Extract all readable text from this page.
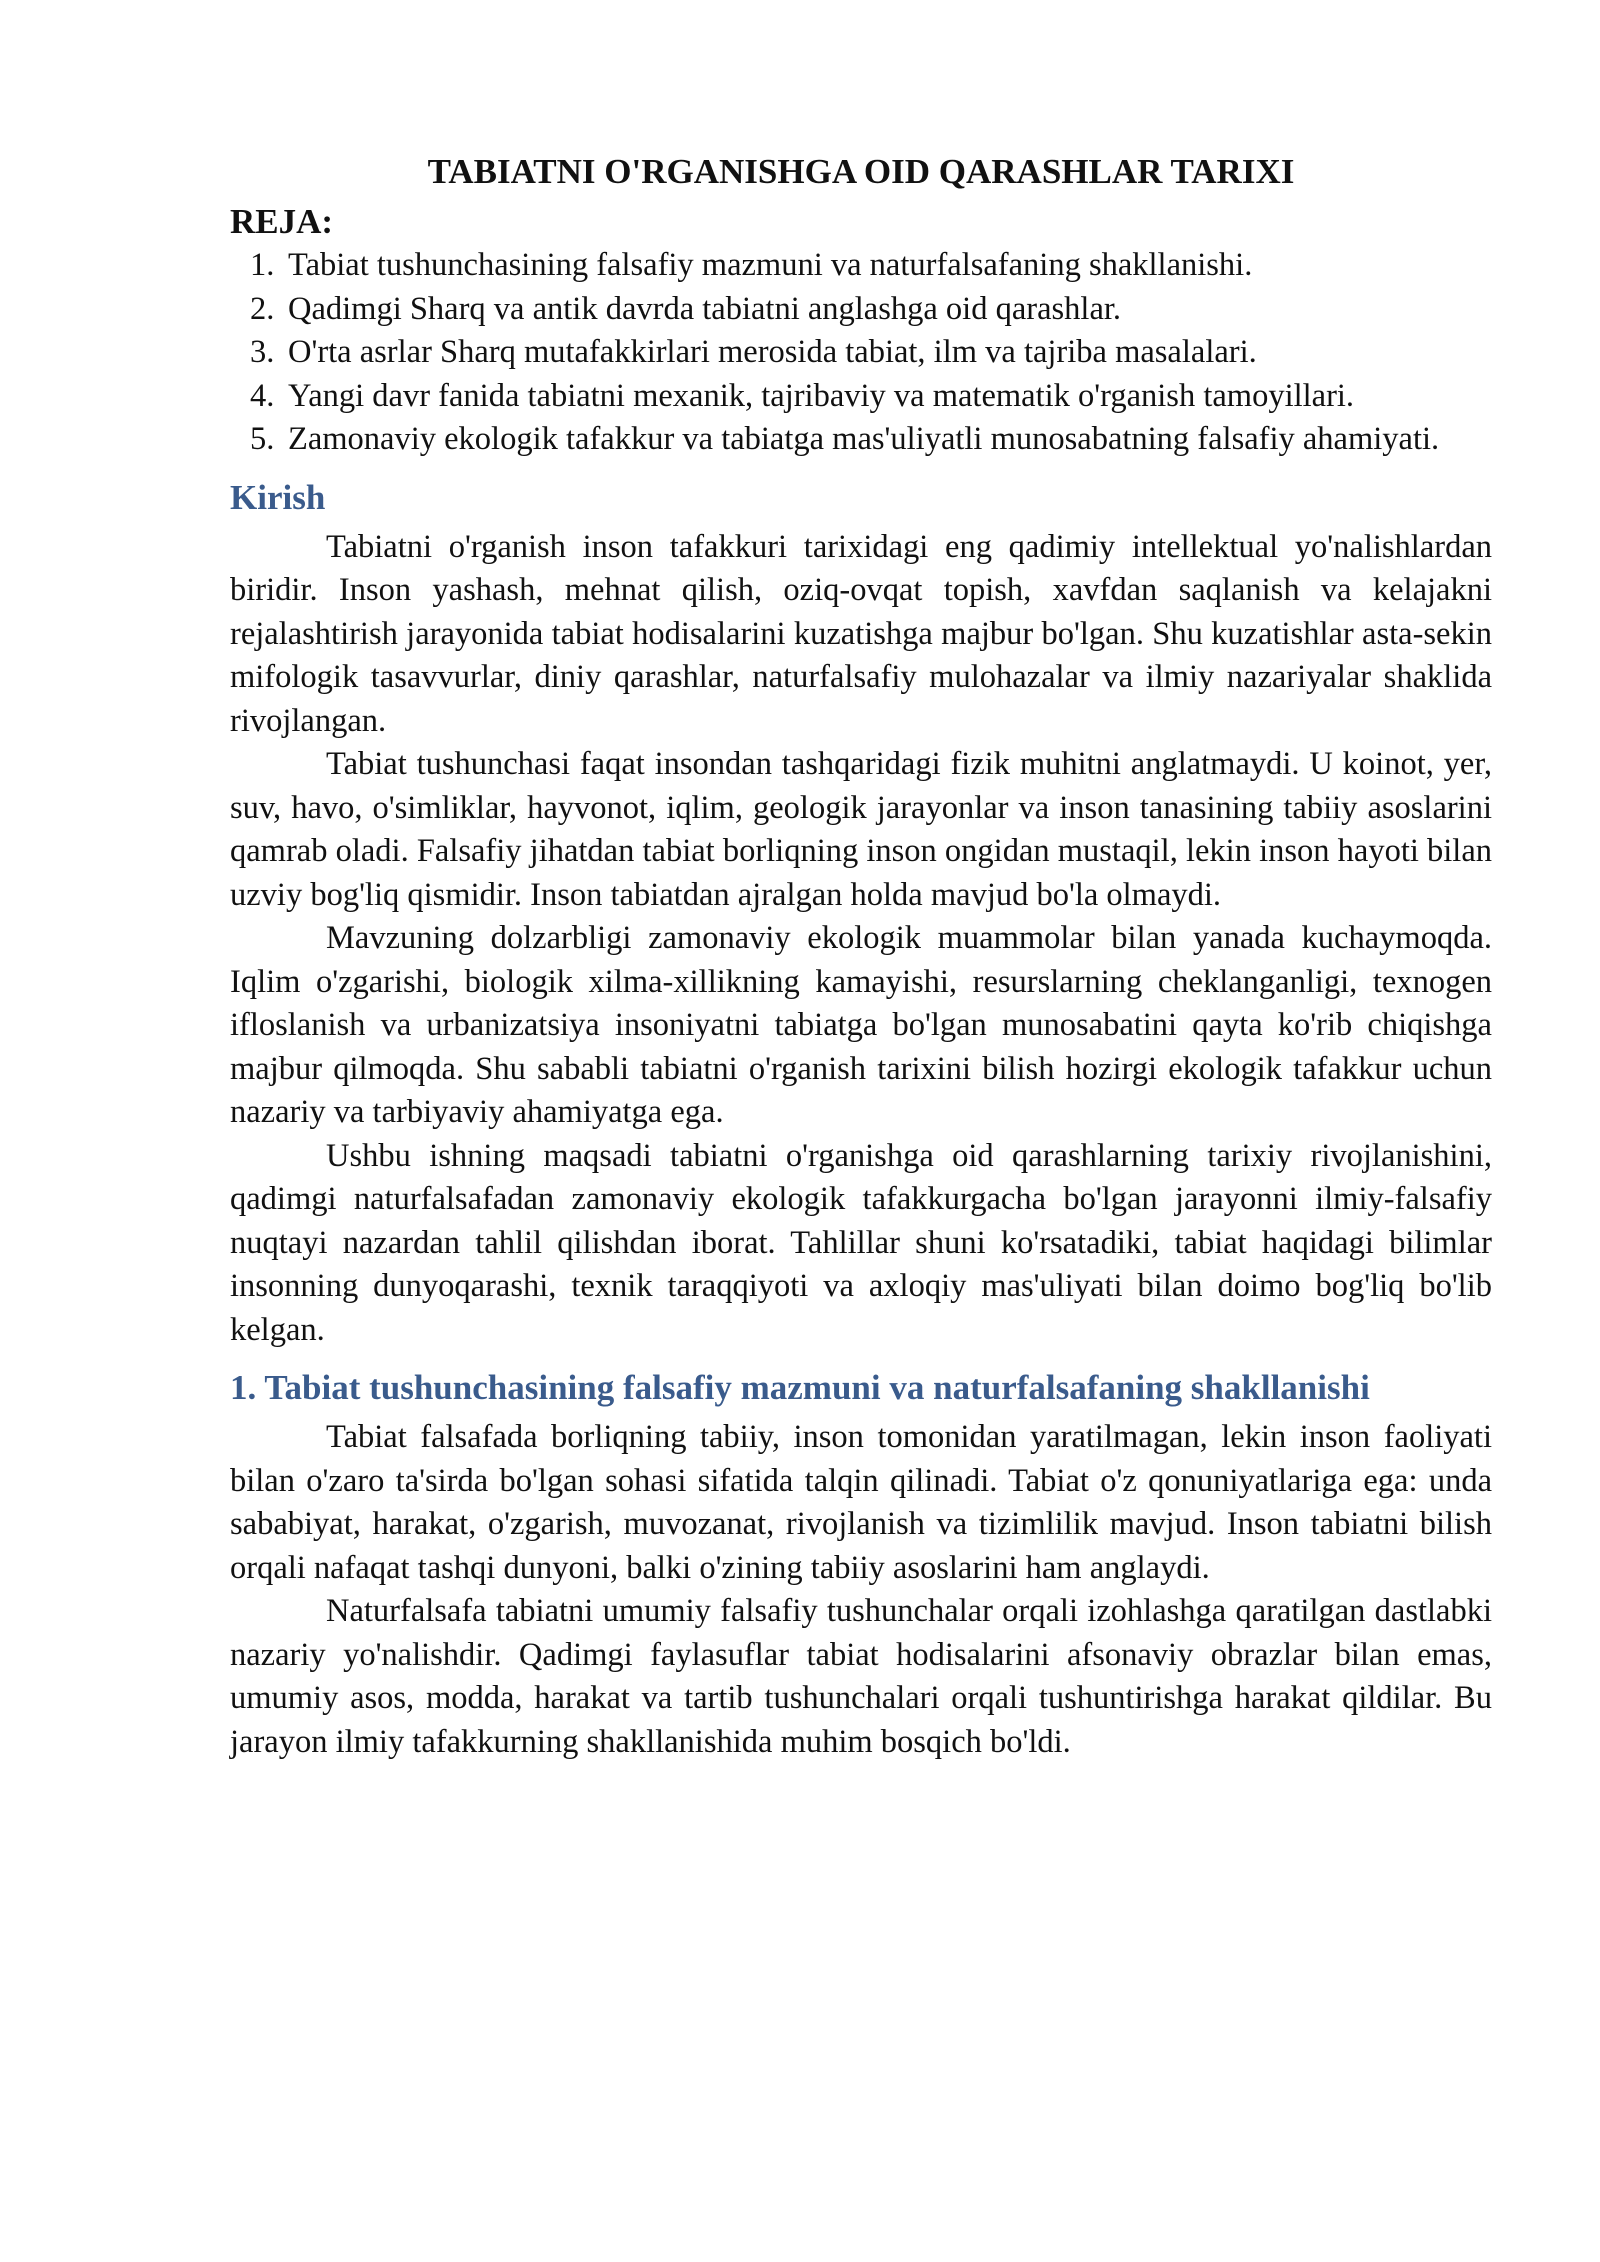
TABIATNI O'RGANISHGA OID QARASHLAR TARIXI
REJA:
1. Tabiat tushunchasining falsafiy mazmuni va naturfalsafaning shakllanishi.
2. Qadimgi Sharq va antik davrda tabiatni anglashga oid qarashlar.
3. O'rta asrlar Sharq mutafakkirlari merosida tabiat, ilm va tajriba masalalari.
4. Yangi davr fanida tabiatni mexanik, tajribaviy va matematik o'rganish tamoyillari.
5. Zamonaviy ekologik tafakkur va tabiatga mas'uliyatli munosabatning falsafiy ahamiyati.
Kirish

Tabiatni o'rganish inson tafakkuri tarixidagi eng qadimiy intellektual yo'nalishlardan biridir. Inson yashash, mehnat qilish, oziq-ovqat topish, xavfdan saqlanish va kelajakni rejalashtirish jarayonida tabiat hodisalarini kuzatishga majbur bo'lgan. Shu kuzatishlar asta-sekin mifologik tasavvurlar, diniy qarashlar, naturfalsafiy mulohazalar va ilmiy nazariyalar shaklida rivojlangan.

Tabiat tushunchasi faqat insondan tashqaridagi fizik muhitni anglatmaydi. U koinot, yer, suv, havo, o'simliklar, hayvonot, iqlim, geologik jarayonlar va inson tanasining tabiiy asoslarini qamrab oladi. Falsafiy jihatdan tabiat borliqning inson ongidan mustaqil, lekin inson hayoti bilan uzviy bog'liq qismidir. Inson tabiatdan ajralgan holda mavjud bo'la olmaydi.

Mavzuning dolzarbligi zamonaviy ekologik muammolar bilan yanada kuchaymoqda. Iqlim o'zgarishi, biologik xilma-xillikning kamayishi, resurslarning cheklanganligi, texnogen ifloslanish va urbanizatsiya insoniyatni tabiatga bo'lgan munosabatini qayta ko'rib chiqishga majbur qilmoqda. Shu sababli tabiatni o'rganish tarixini bilish hozirgi ekologik tafakkur uchun nazariy va tarbiyaviy ahamiyatga ega.

Ushbu ishning maqsadi tabiatni o'rganishga oid qarashlarning tarixiy rivojlanishini, qadimgi naturfalsafadan zamonaviy ekologik tafakkurgacha bo'lgan jarayonni ilmiy-falsafiy nuqtayi nazardan tahlil qilishdan iborat. Tahlillar shuni ko'rsatadiki, tabiat haqidagi bilimlar insonning dunyoqarashi, texnik taraqqiyoti va axloqiy mas'uliyati bilan doimo bog'liq bo'lib kelgan.

1. Tabiat tushunchasining falsafiy mazmuni va naturfalsafaning shakllanishi

Tabiat falsafada borliqning tabiiy, inson tomonidan yaratilmagan, lekin inson faoliyati bilan o'zaro ta'sirda bo'lgan sohasi sifatida talqin qilinadi. Tabiat o'z qonuniyatlariga ega: unda sababiyat, harakat, o'zgarish, muvozanat, rivojlanish va tizimlilik mavjud. Inson tabiatni bilish orqali nafaqat tashqi dunyoni, balki o'zining tabiiy asoslarini ham anglaydi.

Naturfalsafa tabiatni umumiy falsafiy tushunchalar orqali izohlashga qaratilgan dastlabki nazariy yo'nalishdir. Qadimgi faylasuflar tabiat hodisalarini afsonaviy obrazlar bilan emas, umumiy asos, modda, harakat va tartib tushunchalari orqali tushuntirishga harakat qildilar. Bu jarayon ilmiy tafakkurning shakllanishida muhim bosqich bo'ldi.
